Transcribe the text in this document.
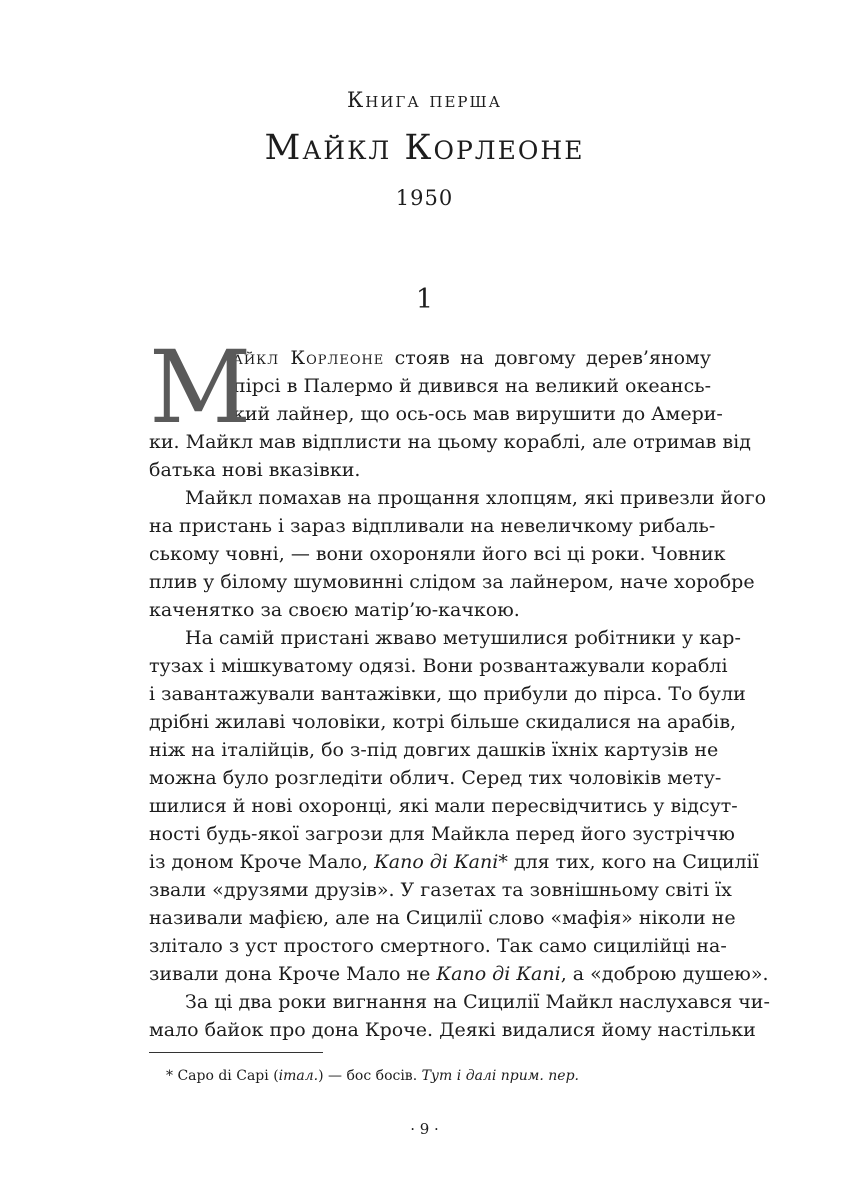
Книга перша
Майкл Корлеоне
1950
1
М
айкл Корлеоне стояв на довгому дерев’яному
пірсі в Палермо й дивився на великий океансь-
кий лайнер, що ось-ось мав вирушити до Амери-
ки. Майкл мав відплисти на цьому кораблі, але отримав від
батька нові вказівки.
Майкл помахав на прощання хлопцям, які привезли його
на пристань і зараз відпливали на невеличкому рибаль-
ському човні, — вони охороняли його всі ці роки. Човник
плив у білому шумовинні слідом за лайнером, наче хоробре
каченятко за своєю матір’ю-качкою.
На самій пристані жваво метушилися робітники у кар-
тузах і мішкуватому одязі. Вони розвантажували кораблі
і завантажували вантажівки, що прибули до пірса. То були
дрібні жилаві чоловіки, котрі більше скидалися на арабів,
ніж на італійців, бо з-під довгих дашків їхніх картузів не
можна було розгледіти облич. Серед тих чоловіків мету-
шилися й нові охоронці, які мали пересвідчитись у відсут-
ності будь-якої загрози для Майкла перед його зустріччю
із доном Кроче Мало, Капо ді Капі* для тих, кого на Сицилії
звали «друзями друзів». У газетах та зовнішньому світі їх
називали мафією, але на Сицилії слово «мафія» ніколи не
злітало з уст простого смертного. Так само сицилійці на-
зивали дона Кроче Мало не Капо ді Капі, а «доброю душею».
За ці два роки вигнання на Сицилії Майкл наслухався чи-
мало байок про дона Кроче. Деякі видалися йому настільки
* Capo di Capi (італ.) — бос босів. Тут і далі прим. пер.
· 9 ·
